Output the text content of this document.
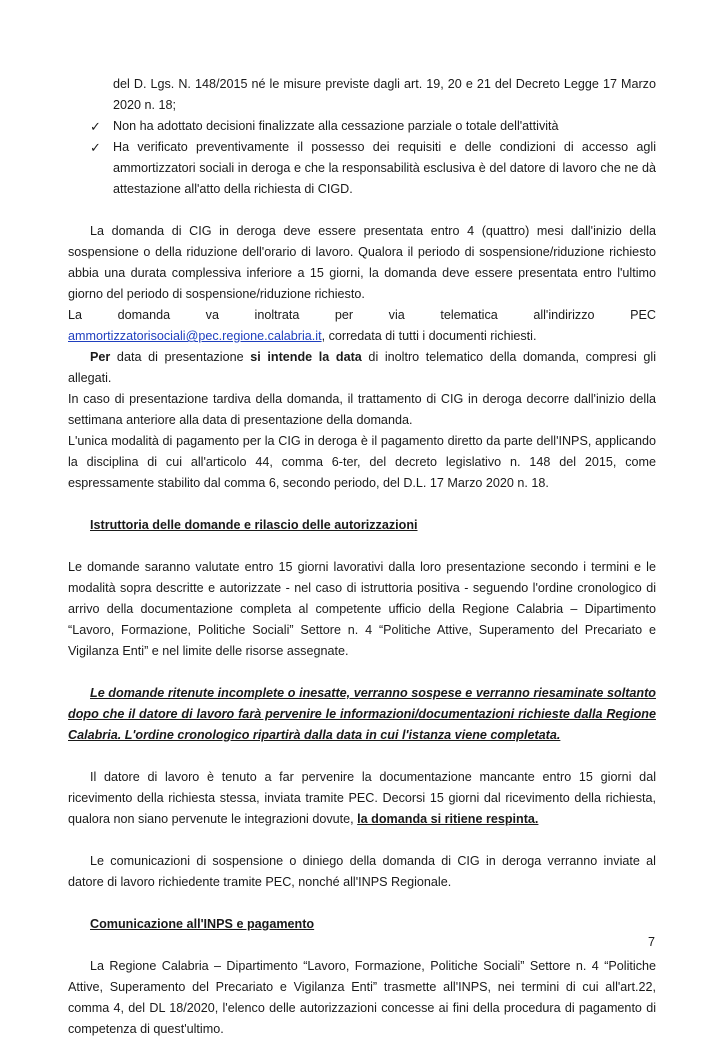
del D. Lgs. N. 148/2015 né le misure previste dagli art. 19, 20 e 21 del Decreto Legge 17 Marzo 2020 n. 18;

✓ Non ha adottato decisioni finalizzate alla cessazione parziale o totale dell'attività

✓ Ha verificato preventivamente il possesso dei requisiti e delle condizioni di accesso agli ammortizzatori sociali in deroga e che la responsabilità esclusiva è del datore di lavoro che ne dà attestazione all'atto della richiesta di CIGD.

La domanda di CIG in deroga deve essere presentata entro 4 (quattro) mesi dall'inizio della sospensione o della riduzione dell'orario di lavoro. Qualora il periodo di sospensione/riduzione richiesto abbia una durata complessiva inferiore a 15 giorni, la domanda deve essere presentata entro l'ultimo giorno del periodo di sospensione/riduzione richiesto.

La domanda va inoltrata per via telematica all'indirizzo PEC ammortizzatorisociali@pec.regione.calabria.it, corredata di tutti i documenti richiesti.

Per data di presentazione si intende la data di inoltro telematico della domanda, compresi gli allegati.

In caso di presentazione tardiva della domanda, il trattamento di CIG in deroga decorre dall'inizio della settimana anteriore alla data di presentazione della domanda.

L'unica modalità di pagamento per la CIG in deroga è il pagamento diretto da parte dell'INPS, applicando la disciplina di cui all'articolo 44, comma 6-ter, del decreto legislativo n. 148 del 2015, come espressamente stabilito dal comma 6, secondo periodo, del D.L. 17 Marzo 2020 n. 18.

Istruttoria delle domande e rilascio delle autorizzazioni

Le domande saranno valutate entro 15 giorni lavorativi dalla loro presentazione secondo i termini e le modalità sopra descritte e autorizzate - nel caso di istruttoria positiva - seguendo l'ordine cronologico di arrivo della documentazione completa al competente ufficio della Regione Calabria – Dipartimento “Lavoro, Formazione, Politiche Sociali” Settore n. 4 “Politiche Attive, Superamento del Precariato e Vigilanza Enti” e nel limite delle risorse assegnate.

Le domande ritenute incomplete o inesatte, verranno sospese e verranno riesaminate soltanto dopo che il datore di lavoro farà pervenire le informazioni/documentazioni richieste dalla Regione Calabria. L'ordine cronologico ripartirà dalla data in cui l'istanza viene completata.

Il datore di lavoro è tenuto a far pervenire la documentazione mancante entro 15 giorni dal ricevimento della richiesta stessa, inviata tramite PEC. Decorsi 15 giorni dal ricevimento della richiesta, qualora non siano pervenute le integrazioni dovute, la domanda si ritiene respinta.

Le comunicazioni di sospensione o diniego della domanda di CIG in deroga verranno inviate al datore di lavoro richiedente tramite PEC, nonché all'INPS Regionale.

Comunicazione all'INPS e pagamento

La Regione Calabria – Dipartimento “Lavoro, Formazione, Politiche Sociali” Settore n. 4 “Politiche Attive, Superamento del Precariato e Vigilanza Enti” trasmette all'INPS, nei termini di cui all'art.22, comma 4, del DL 18/2020, l'elenco delle autorizzazioni concesse ai fini della procedura di pagamento di competenza di quest'ultimo.

7
